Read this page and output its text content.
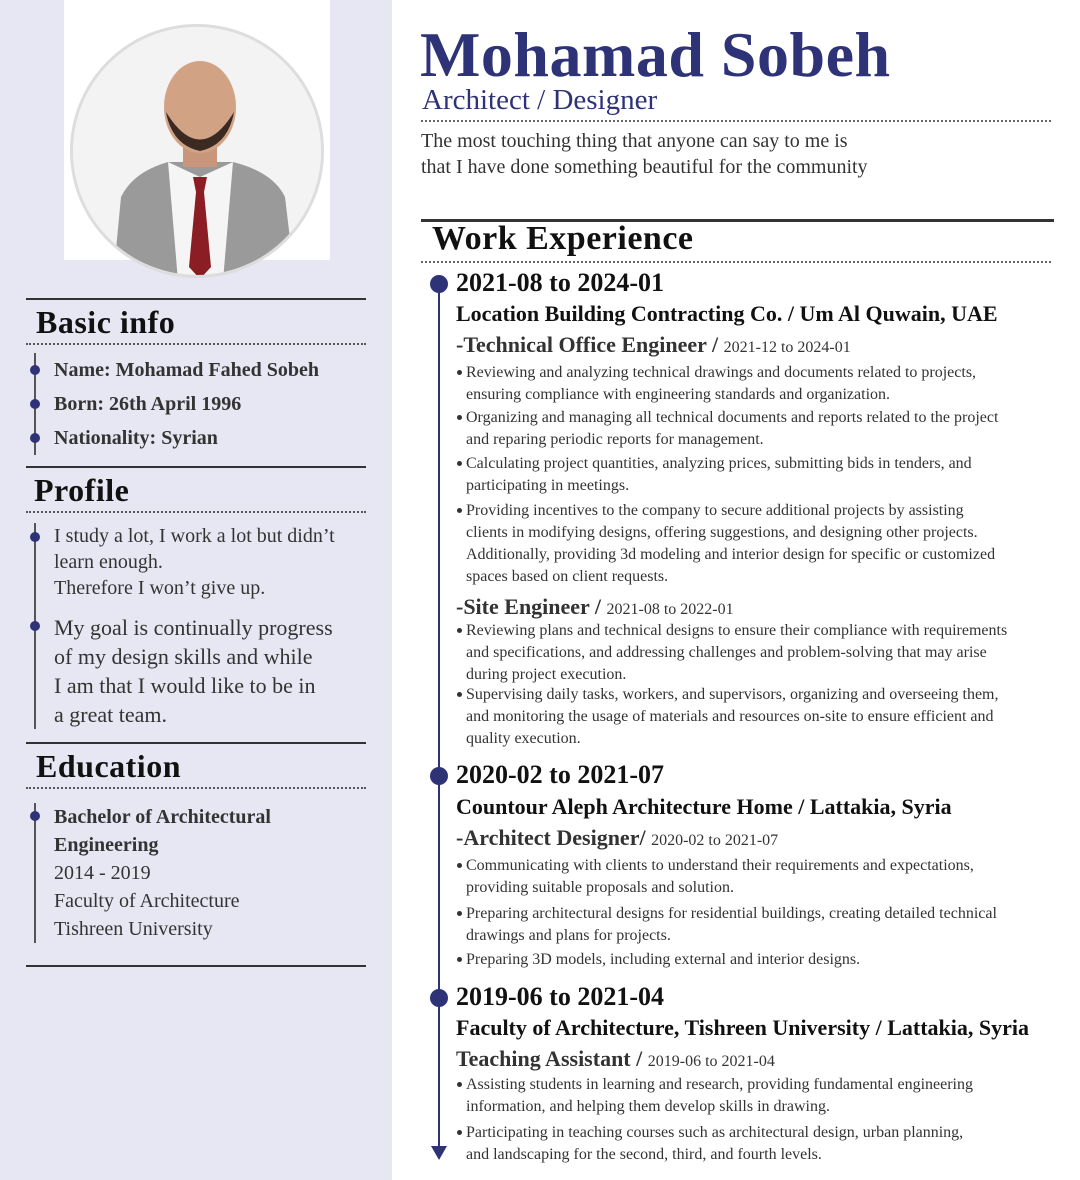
Basic info
Name: Mohamad Fahed Sobeh
Born: 26th April 1996
Nationality: Syrian
Profile
I study a lot, I work a lot but didn’t
learn enough.
Therefore I won’t give up.
My goal is continually progress
of my design skills and while
I am that I would like to be in
a great team.
Education
Bachelor of Architectural Engineering
2014 - 2019
Faculty of Architecture
Tishreen University
Mohamad Sobeh
Architect / Designer
The most touching thing that anyone can say to me is
that I have done something beautiful for the community
Work Experience
2021-08 to 2024-01
Location Building Contracting Co. / Um Al Quwain, UAE
-Technical Office Engineer / 2021-12 to 2024-01
Reviewing and analyzing technical drawings and documents related to projects,
ensuring compliance with engineering standards and organization.
Organizing and managing all technical documents and reports related to the project
and reparing periodic reports for management.
Calculating project quantities, analyzing prices, submitting bids in tenders, and
participating in meetings.
Providing incentives to the company to secure additional projects by assisting
clients in modifying designs, offering suggestions, and designing other projects.
Additionally, providing 3d modeling and interior design for specific or customized
spaces based on client requests.
-Site Engineer / 2021-08 to 2022-01
Reviewing plans and technical designs to ensure their compliance with requirements
and specifications, and addressing challenges and problem-solving that may arise
during project execution.
Supervising daily tasks, workers, and supervisors, organizing and overseeing them,
and monitoring the usage of materials and resources on-site to ensure efficient and
quality execution.
2020-02 to 2021-07
Countour Aleph Architecture Home / Lattakia, Syria
-Architect Designer/ 2020-02 to 2021-07
Communicating with clients to understand their requirements and expectations,
providing suitable proposals and solution.
Preparing architectural designs for residential buildings, creating detailed technical
drawings and plans for projects.
Preparing 3D models, including external and interior designs.
2019-06 to 2021-04
Faculty of Architecture, Tishreen University / Lattakia, Syria
Teaching Assistant / 2019-06 to 2021-04
Assisting students in learning and research, providing fundamental engineering
information, and helping them develop skills in drawing.
Participating in teaching courses such as architectural design, urban planning,
and landscaping for the second, third, and fourth levels.
